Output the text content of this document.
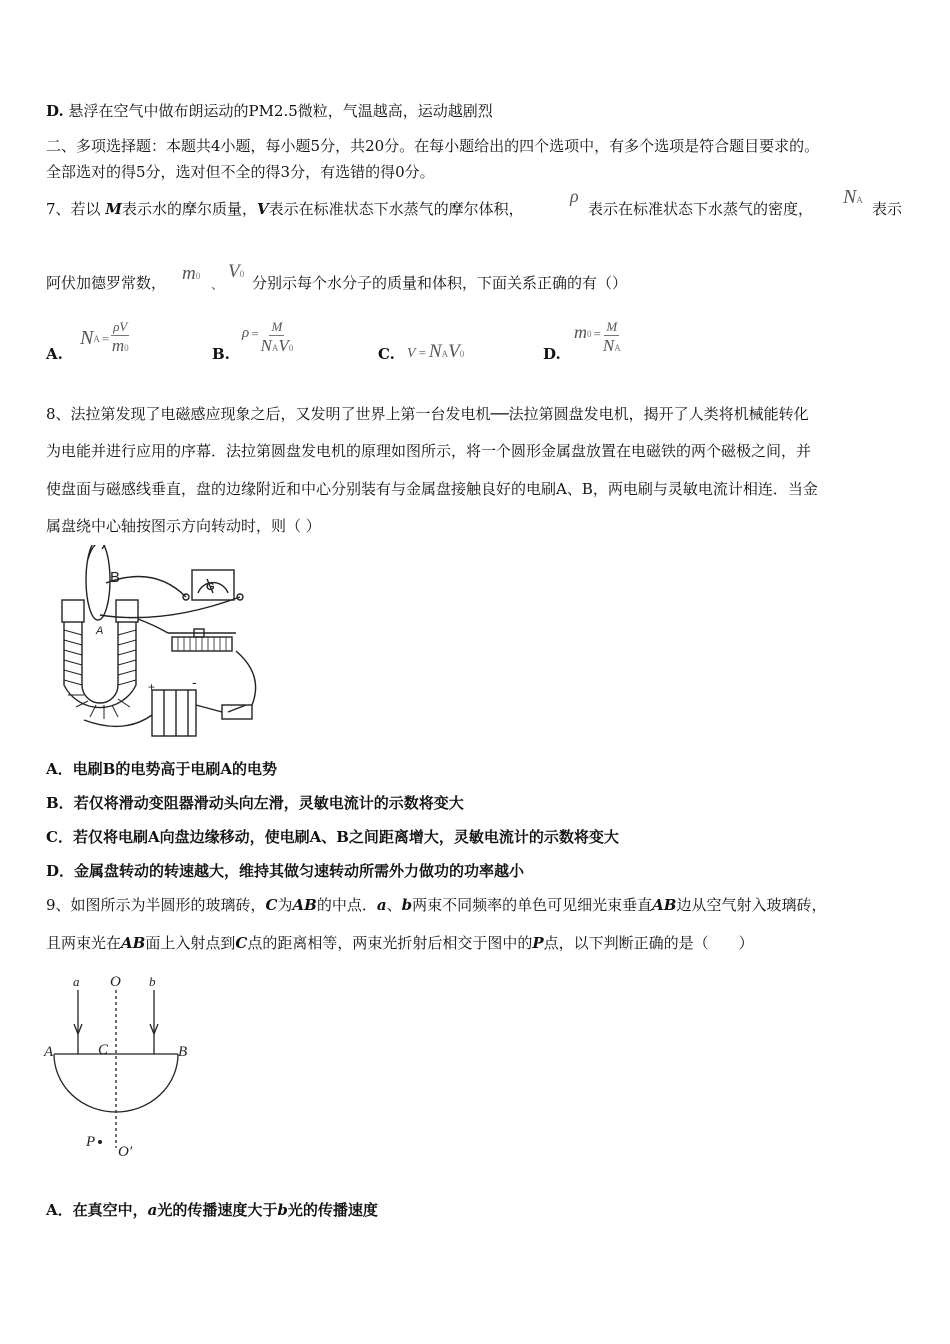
D. 悬浮在空气中做布朗运动的PM2.5微粒，气温越高，运动越剧烈
二、多项选择题：本题共4小题，每小题5分，共20分。在每小题给出的四个选项中，有多个选项是符合题目要求的。
全部选对的得5分，选对但不全的得3分，有选错的得0分。
7、若以 M表示水的摩尔质量，V表示在标准状态下水蒸气的摩尔体积，
ρ
表示在标准状态下水蒸气的密度，
NA 表示
阿伏加德罗常数， m0
、
V0 分别示每个水分子的质量和体积，下面关系正确的有（）
A.
N $A = \frac{\rho V}{m0}$	B.
$\rho = \frac{M}{\text{NAV0}}$	C. V = N A V 0	D.
m $0 = \frac{M}{NA}$
8、法拉第发现了电磁感应现象之后，又发明了世界上第一台发电机──法拉第圆盘发电机，揭开了人类将机械能转化
为电能并进行应用的序幕．法拉第圆盘发电机的原理如图所示，将一个圆形金属盘放置在电磁铁的两个磁极之间，并
使盘面与磁感线垂直，盘的边缘附近和中心分别装有与金属盘接触良好的电刷A、B，两电刷与灵敏电流计相连．当金
属盘绕中心轴按图示方向转动时，则（ ）
B
A
G
+	-
A．电刷B的电势高于电刷A的电势
B．若仅将滑动变阻器滑动头向左滑，灵敏电流计的示数将变大
C．若仅将电刷A向盘边缘移动，使电刷A、B之间距离增大，灵敏电流计的示数将变大
D．金属盘转动的转速越大，维持其做匀速转动所需外力做功的功率越小
9、如图所示为半圆形的玻璃砖，C为AB的中点．a、b两束不同频率的单色可见细光束垂直AB边从空气射入玻璃砖，
且两束光在AB面上入射点到C点的距离相等，两束光折射后相交于图中的P点，以下判断正确的是（　　）
a O b
A	C	B
P
O′
A．在真空中，a光的传播速度大于b光的传播速度
